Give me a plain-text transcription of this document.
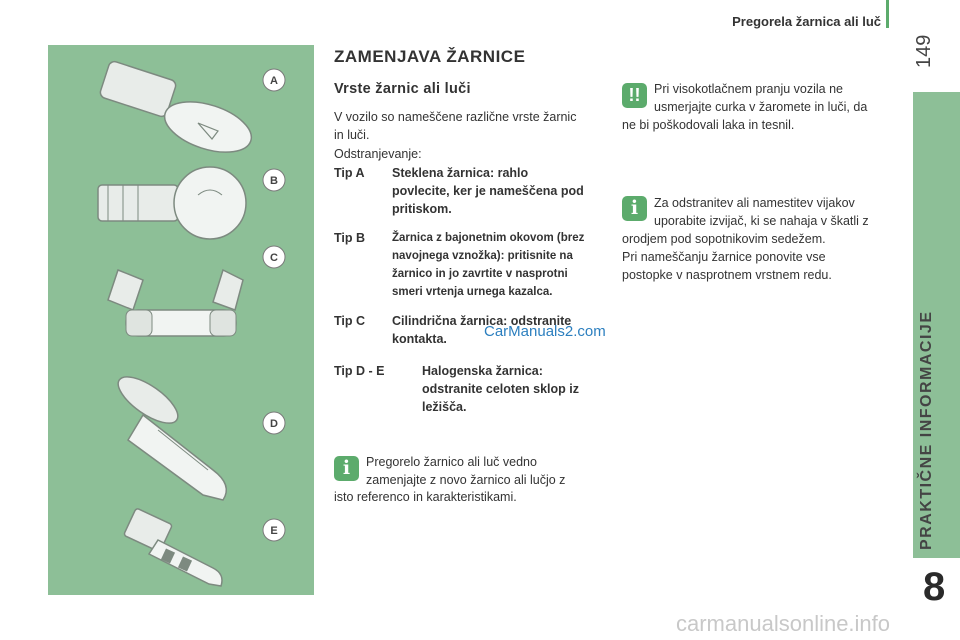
Pregorela žarnica ali luč
149
PRAKTIČNE INFORMACIJE
8
A
B
C
D
E
ZAMENJAVA ŽARNICE
Vrste žarnic ali luči
V vozilo so nameščene različne vrste žarnic
in luči.
Odstranjevanje:
Tip A Steklena žarnica: rahlo
povlecite, ker je nameščena pod
pritiskom.
Tip B Žarnica z bajonetnim okovom (brez
navojnega vznožka): pritisnite na
žarnico in jo zavrtite v nasprotni
smeri vrtenja urnega kazalca.
Tip C Cilindrična žarnica: odstranite
kontakta.
Tip D - E	Halogenska žarnica:
odstranite celoten sklop iz
ležišča.
i	Pregorelo žarnico ali luč vedno
zamenjajte z novo žarnico ali lučjo z
isto referenco in karakteristikami.
!!	Pri visokotlačnem pranju vozila ne
usmerjajte curka v žaromete in luči, da
ne bi poškodovali laka in tesnil.
i	Za odstranitev ali namestitev vijakov
uporabite izvijač, ki se nahaja v škatli z
orodjem pod sopotnikovim sedežem.
Pri nameščanju žarnice ponovite vse
postopke v nasprotnem vrstnem redu.
CarManuals2.com
carmanualsonline.info
